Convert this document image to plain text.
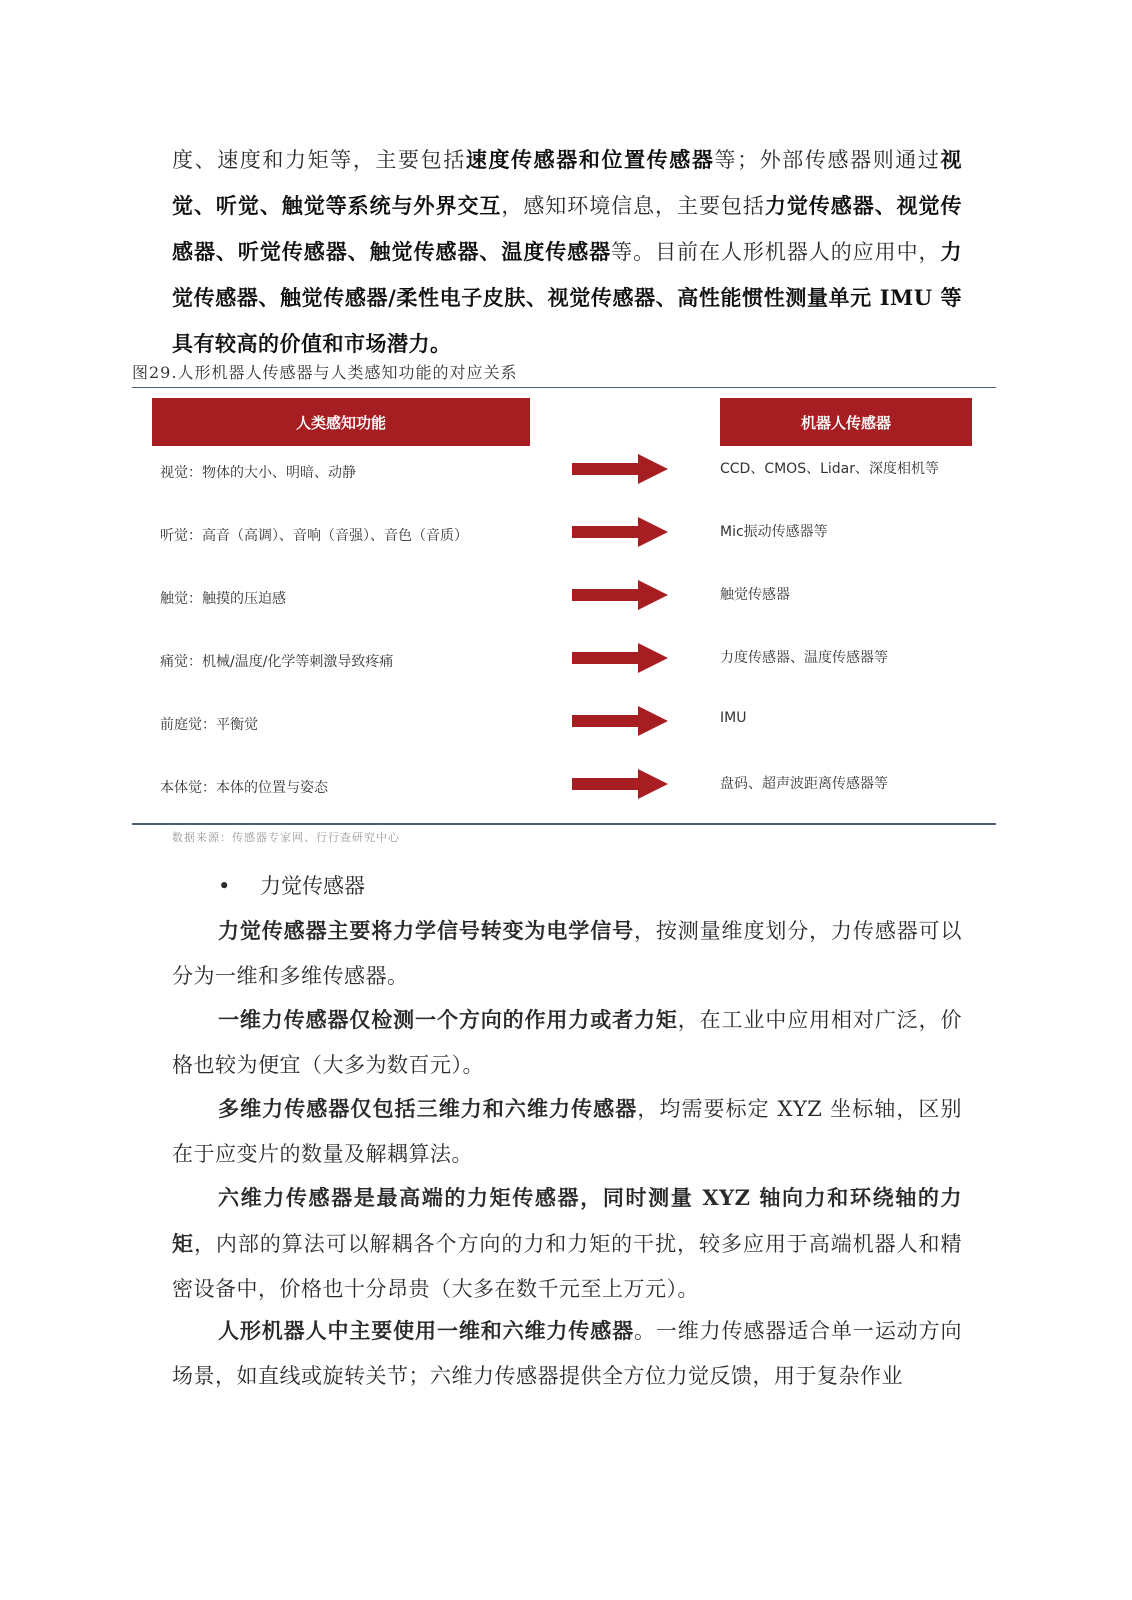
度、速度和力矩等，主要包括速度传感器和位置传感器等；外部传感器则通过视觉、听觉、触觉等系统与外界交互，感知环境信息，主要包括力觉传感器、视觉传感器、听觉传感器、触觉传感器、温度传感器等。目前在人形机器人的应用中，力觉传感器、触觉传感器/柔性电子皮肤、视觉传感器、高性能惯性测量单元 IMU 等具有较高的价值和市场潜力。
图29.人形机器人传感器与人类感知功能的对应关系
人类感知功能	机器人传感器
视觉：物体的大小、明暗、动静	CCD、CMOS、Lidar、深度相机等
听觉：高音（高调）、音响（音强）、音色（音质）	Mic振动传感器等
触觉：触摸的压迫感	触觉传感器
痛觉：机械/温度/化学等刺激导致疼痛	力度传感器、温度传感器等
前庭觉：平衡觉	IMU
本体觉：本体的位置与姿态	盘码、超声波距离传感器等
数据来源：传感器专家网、行行查研究中心
• 力觉传感器
力觉传感器主要将力学信号转变为电学信号，按测量维度划分，力传感器可以分为一维和多维传感器。
一维力传感器仅检测一个方向的作用力或者力矩，在工业中应用相对广泛，价格也较为便宜（大多为数百元）。
多维力传感器仅包括三维力和六维力传感器，均需要标定 XYZ 坐标轴，区别在于应变片的数量及解耦算法。
六维力传感器是最高端的力矩传感器，同时测量 XYZ 轴向力和环绕轴的力矩，内部的算法可以解耦各个方向的力和力矩的干扰，较多应用于高端机器人和精密设备中，价格也十分昂贵（大多在数千元至上万元）。
人形机器人中主要使用一维和六维力传感器。一维力传感器适合单一运动方向场景，如直线或旋转关节；六维力传感器提供全方位力觉反馈，用于复杂作业
